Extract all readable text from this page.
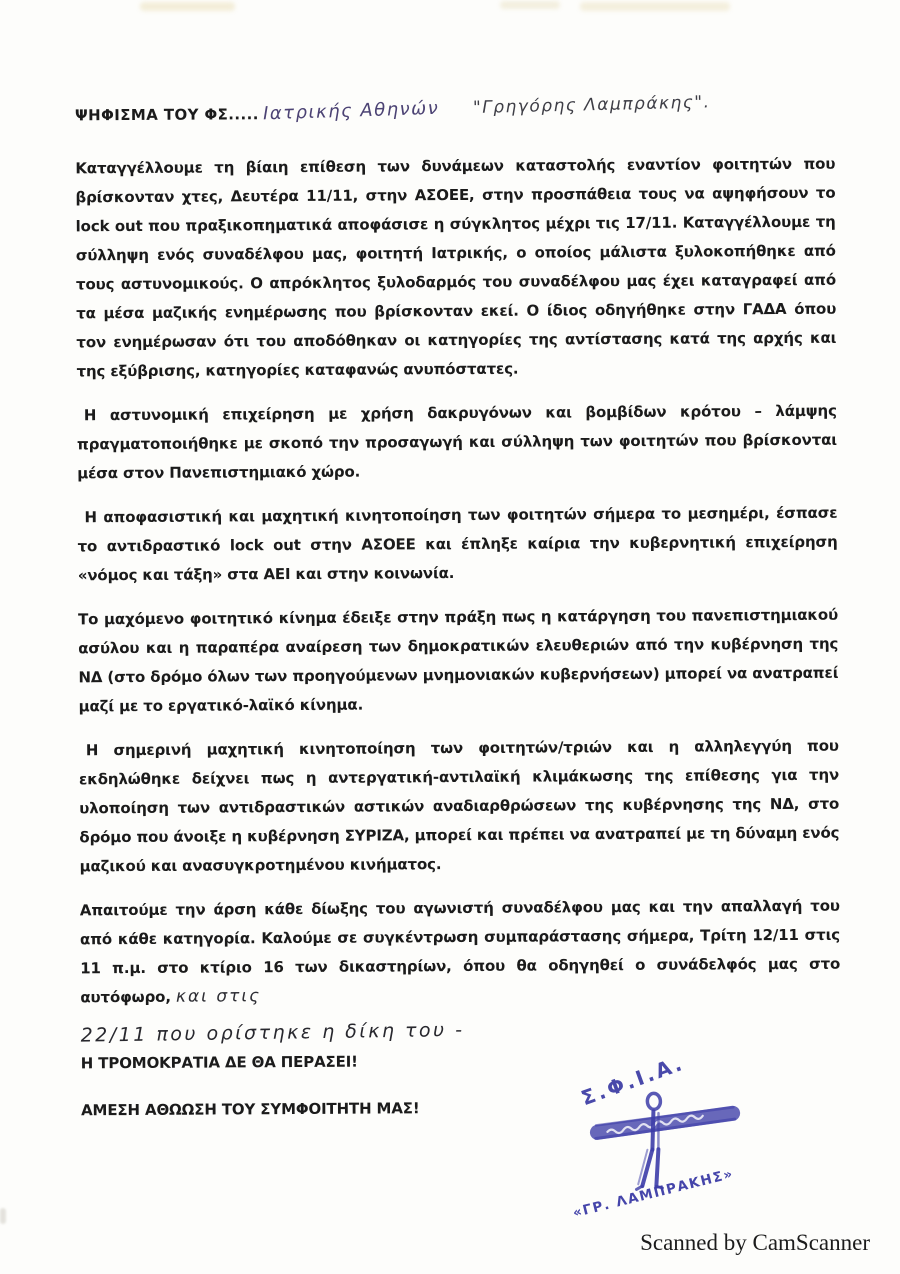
ΨΗΦΙΣΜΑ ΤΟΥ ΦΣ..... Ιατρικής Αθηνών "Γρηγόρης Λαμπράκης".

Καταγγέλλουμε τη βίαιη επίθεση των δυνάμεων καταστολής εναντίον φοιτητών που βρίσκονταν χτες, Δευτέρα 11/11, στην ΑΣΟΕΕ, στην προσπάθεια τους να αψηφήσουν το lock out που πραξικοπηματικά αποφάσισε η σύγκλητος μέχρι τις 17/11. Καταγγέλλουμε τη σύλληψη ενός συναδέλφου μας, φοιτητή Ιατρικής, ο οποίος μάλιστα ξυλοκοπήθηκε από τους αστυνομικούς. Ο απρόκλητος ξυλοδαρμός του συναδέλφου μας έχει καταγραφεί από τα μέσα μαζικής ενημέρωσης που βρίσκονταν εκεί. Ο ίδιος οδηγήθηκε στην ΓΑΔΑ όπου τον ενημέρωσαν ότι του αποδόθηκαν οι κατηγορίες της αντίστασης κατά της αρχής και της εξύβρισης, κατηγορίες καταφανώς ανυπόστατες.

Η αστυνομική επιχείρηση με χρήση δακρυγόνων και βομβίδων κρότου – λάμψης πραγματοποιήθηκε με σκοπό την προσαγωγή και σύλληψη των φοιτητών που βρίσκονται μέσα στον Πανεπιστημιακό χώρο.

Η αποφασιστική και μαχητική κινητοποίηση των φοιτητών σήμερα το μεσημέρι, έσπασε το αντιδραστικό lock out στην ΑΣΟΕΕ και έπληξε καίρια την κυβερνητική επιχείρηση «νόμος και τάξη» στα ΑΕΙ και στην κοινωνία.

Το μαχόμενο φοιτητικό κίνημα έδειξε στην πράξη πως η κατάργηση του πανεπιστημιακού ασύλου και η παραπέρα αναίρεση των δημοκρατικών ελευθεριών από την κυβέρνηση της ΝΔ (στο δρόμο όλων των προηγούμενων μνημονιακών κυβερνήσεων) μπορεί να ανατραπεί μαζί με το εργατικό-λαϊκό κίνημα.

Η σημερινή μαχητική κινητοποίηση των φοιτητών/τριών και η αλληλεγγύη που εκδηλώθηκε δείχνει πως η αντεργατική-αντιλαϊκή κλιμάκωσης της επίθεσης για την υλοποίηση των αντιδραστικών αστικών αναδιαρθρώσεων της κυβέρνησης της ΝΔ, στο δρόμο που άνοιξε η κυβέρνηση ΣΥΡΙΖΑ, μπορεί και πρέπει να ανατραπεί με τη δύναμη ενός μαζικού και ανασυγκροτημένου κινήματος.

Απαιτούμε την άρση κάθε δίωξης του αγωνιστή συναδέλφου μας και την απαλλαγή του από κάθε κατηγορία. Καλούμε σε συγκέντρωση συμπαράστασης σήμερα, Τρίτη 12/11 στις 11 π.μ. στο κτίριο 16 των δικαστηρίων, όπου θα οδηγηθεί ο συνάδελφός μας στο αυτόφωρο, και στις

22/11 που ορίστηκε η δίκη του -

Η ΤΡΟΜΟΚΡΑΤΙΑ ΔΕ ΘΑ ΠΕΡΑΣΕΙ!

ΑΜΕΣΗ ΑΘΩΩΣΗ ΤΟΥ ΣΥΜΦΟΙΤΗΤΗ ΜΑΣ!	Σ.Φ.Ι.Α.
«ΓΡ. ΛΑΜΠΡΑΚΗΣ»
Scanned by CamScanner
